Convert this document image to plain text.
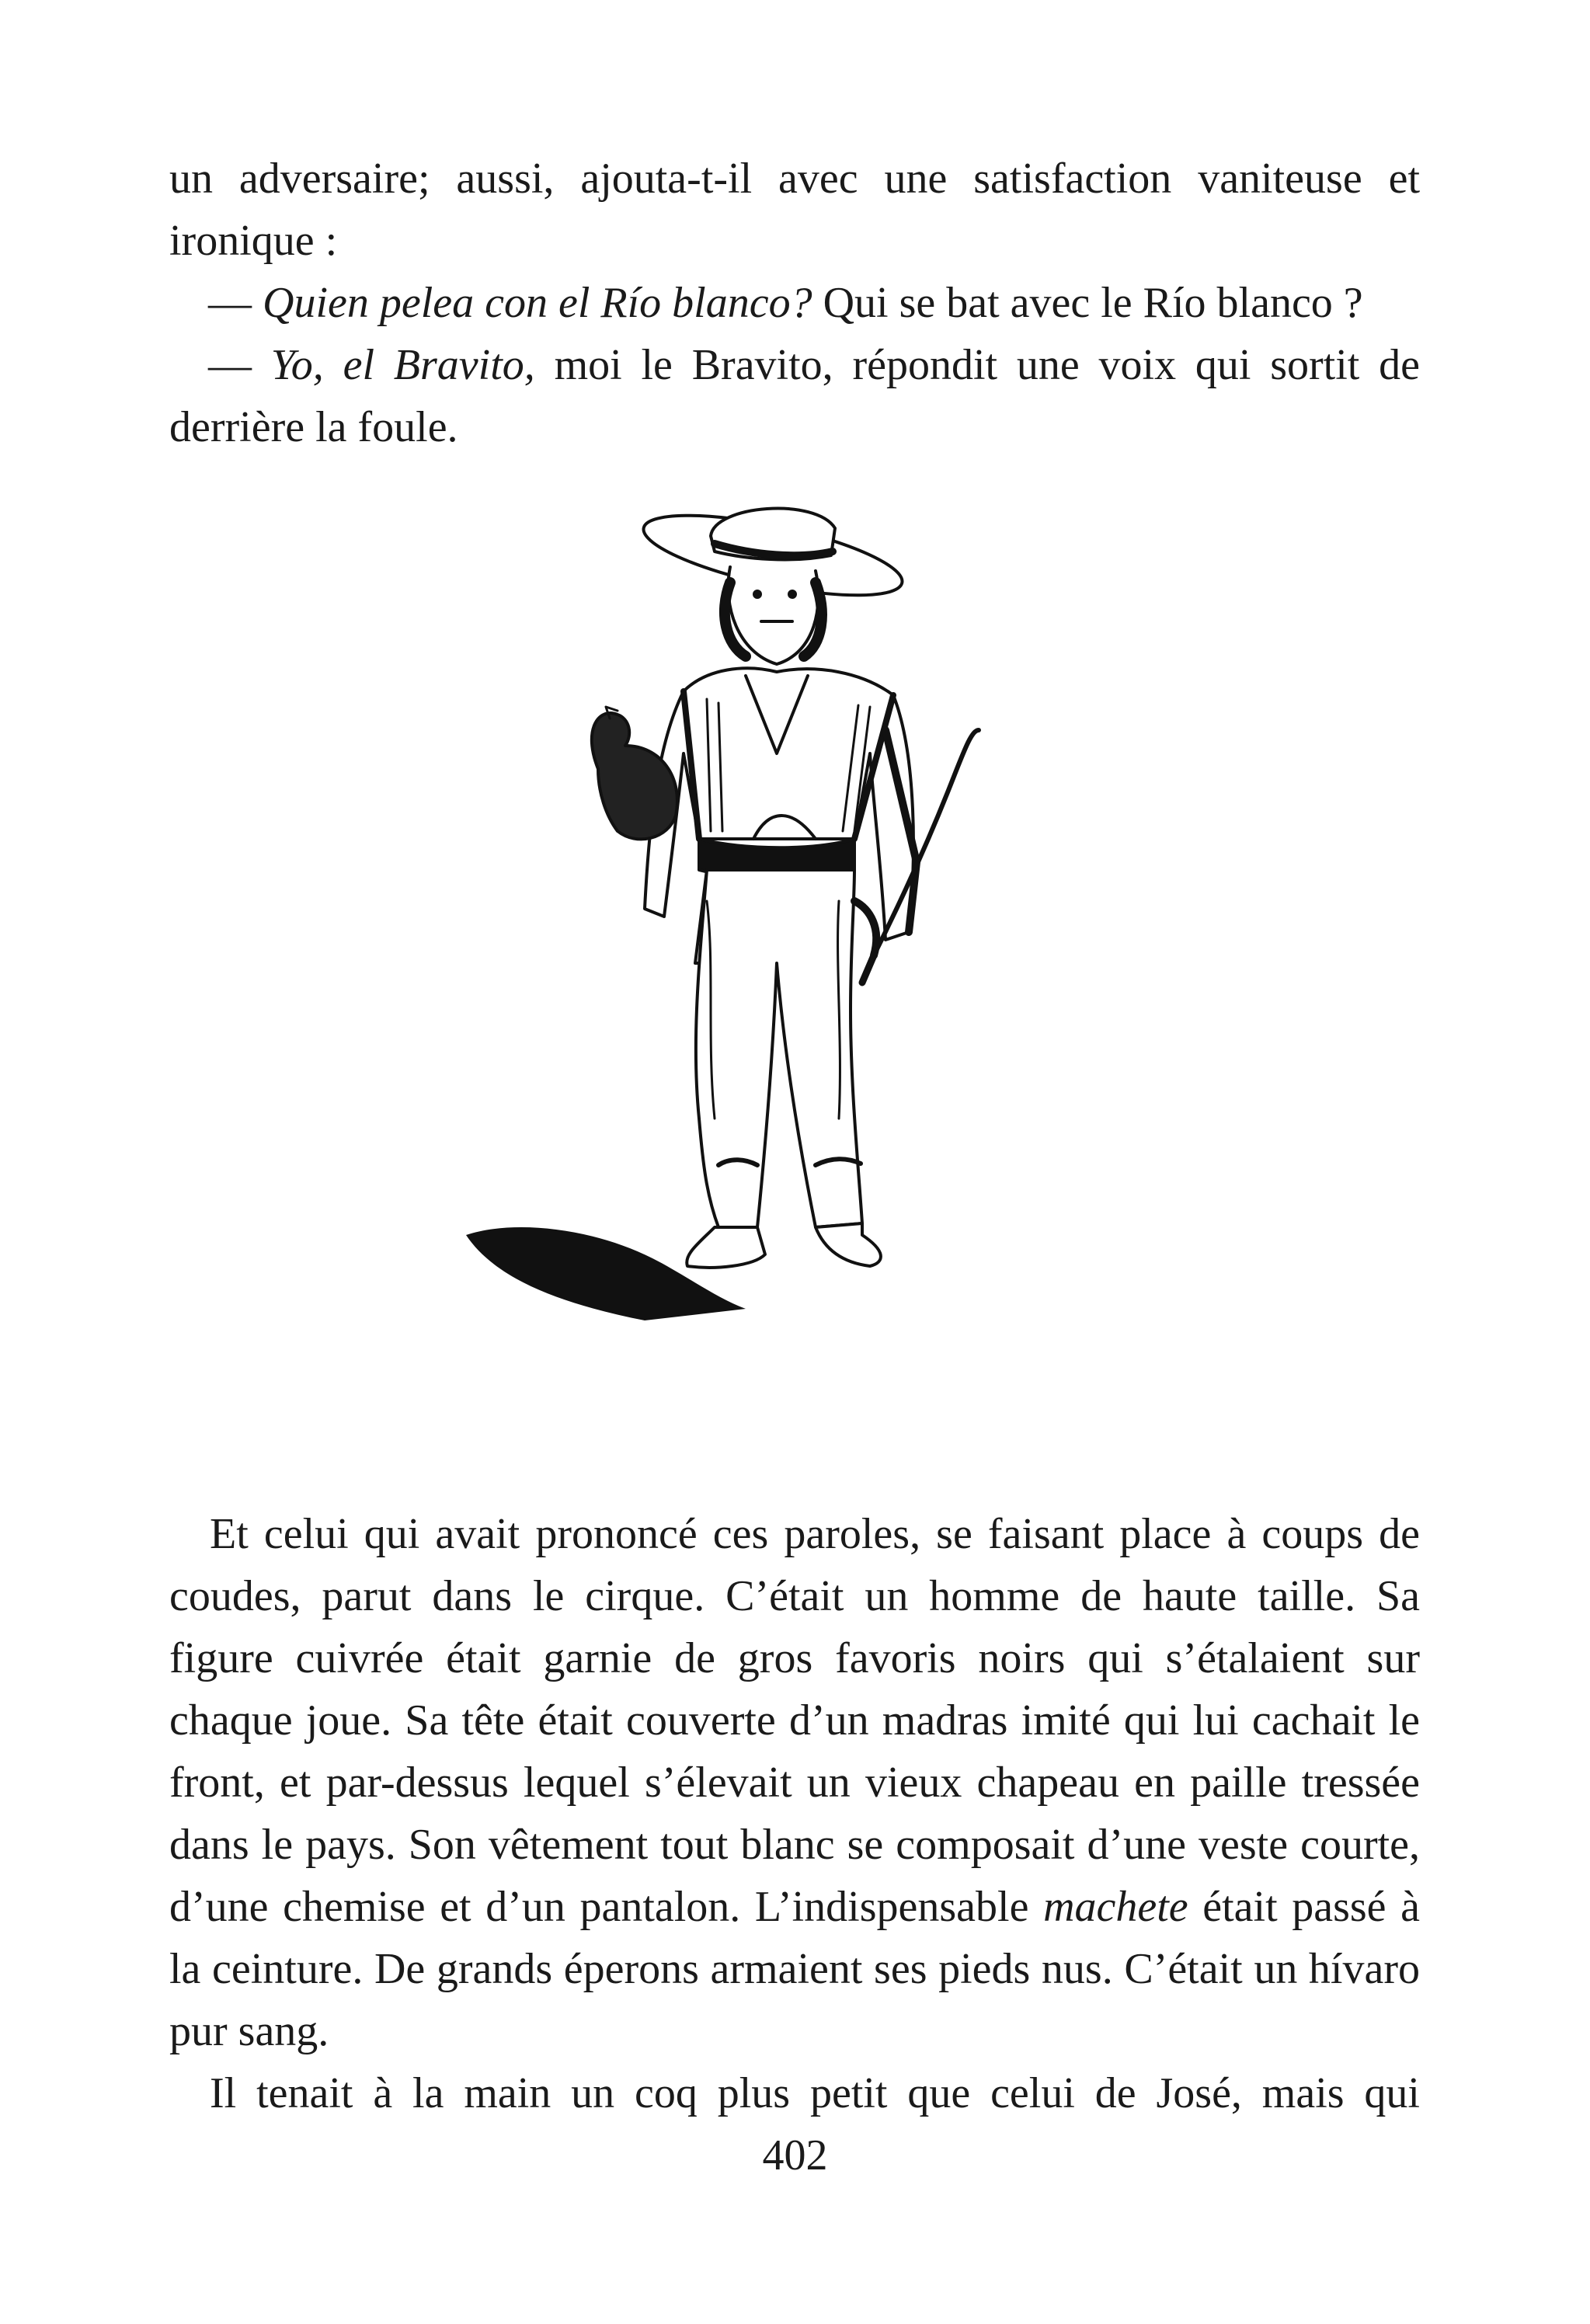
un adversaire; aussi, ajouta-t-il avec une satisfaction vaniteuse et

ironique :

— Quien pelea con el Río blanco? Qui se bat avec le Río blanco ?

— Yo, el Bravito, moi le Bravito, répondit une voix qui sortit de derrière la foule.

Et celui qui avait prononcé ces paroles, se faisant place à coups de coudes, parut dans le cirque. C’était un homme de haute taille. Sa figure cuivrée était garnie de gros favoris noirs qui s’étalaient sur chaque joue. Sa tête était couverte d’un madras imité qui lui cachait le front, et par-dessus lequel s’élevait un vieux chapeau en paille tressée dans le pays. Son vêtement tout blanc se composait d’une veste courte, d’une chemise et d’un pantalon. L’indispensable machete était passé à la ceinture. De grands éperons armaient ses pieds nus. C’était un hívaro pur sang.

Il tenait à la main un coq plus petit que celui de José, mais qui

402
